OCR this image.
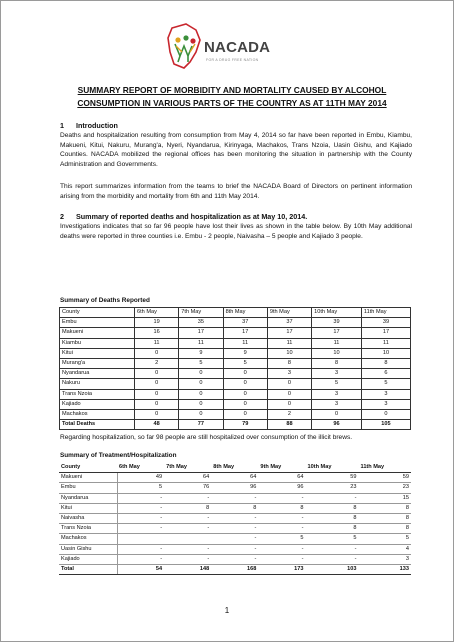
NACADA
FOR A DRUG FREE NATION
SUMMARY REPORT OF MORBIDITY AND MORTALITY CAUSED BY ALCOHOL
CONSUMPTION IN VARIOUS PARTS OF THE COUNTRY AS AT 11TH MAY 2014
1 Introduction
Deaths and hospitalization resulting from consumption from May 4, 2014 so far have been reported in Embu, Kiambu, Makueni, Kitui, Nakuru, Murang'a, Nyeri, Nyandarua, Kirinyaga, Machakos, Trans Nzoia, Uasin Gishu, and Kajiado Counties. NACADA mobilized the regional offices has been monitoring the situation in partnership with the County Administration and Governments.
This report summarizes information from the teams to brief the NACADA Board of Directors on pertinent information arising from the morbidity and mortality from 6th and 11th May 2014.
2 Summary of reported deaths and hospitalization as at May 10, 2014.
Investigations indicates that so far 96 people have lost their lives as shown in the table below. By 10th May additional deaths were reported in three counties i.e. Embu - 2 people, Naivasha – 5 people and Kajiado 3 people.
Summary of Deaths Reported
County	6th May	7th May	8th May	9th May	10th May	11th May
Embu	19	35	37	37	39	39
Makueni	16	17	17	17	17	17
Kiambu	11	11	11	11	11	11
Kitui	0	9	9	10	10	10
Murang'a	2	5	5	8	8	8
Nyandarua	0	0	0	3	3	6
Nakuru	0	0	0	0	5	5
Trans Nzoia	0	0	0	0	3	3
Kajiado	0	0	0	0	3	3
Machakos	0	0	0	2	0	0
Total Deaths	48	77	79	88	96	105
Regarding hospitalization, so far 98 people are still hospitalized over consumption of the illicit brews.
Summary of Treatment/Hospitalization
County	6th May	7th May	8th May	9th May	10th May	11th May
Makueni	49	64	64	64	59	59
Embu	5	76	96	96	23	23
Nyandarua	-	-	-	-	-	15
Kitui	-	8	8	8	8	8
Naivasha	-	-	-	-	8	8
Trans Nzoia	-	-	-	-	8	8
Machakos			-	5	5	5
Uasin Gishu	-	-	-	-	-	4
Kajiado	-	-	-	-	-	3
Total	54	148	168	173	103	133
1
